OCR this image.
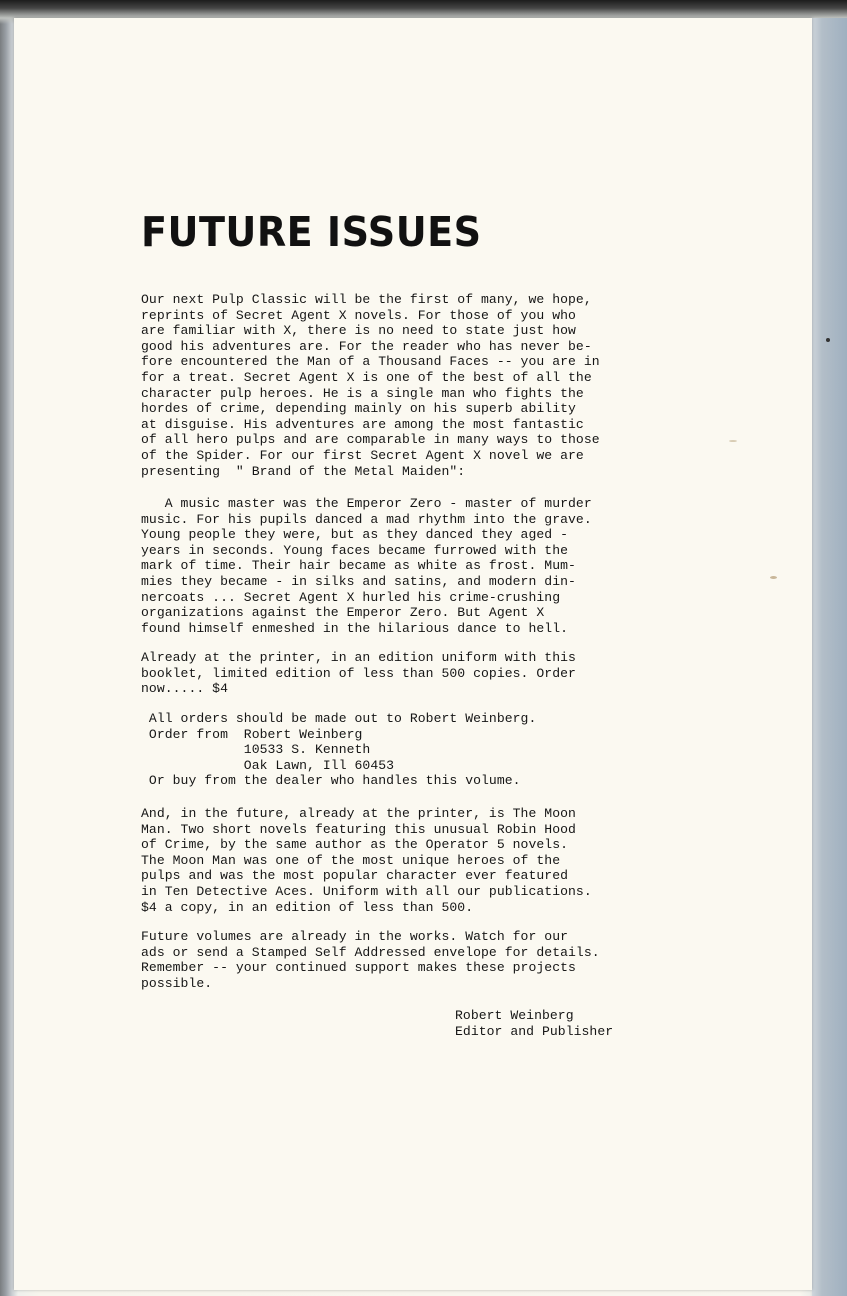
FUTURE ISSUES

Our next Pulp Classic will be the first of many, we hope,
reprints of Secret Agent X novels. For those of you who
are familiar with X, there is no need to state just how
good his adventures are. For the reader who has never be-
fore encountered the Man of a Thousand Faces -- you are in
for a treat. Secret Agent X is one of the best of all the
character pulp heroes. He is a single man who fights the
hordes of crime, depending mainly on his superb ability
at disguise. His adventures are among the most fantastic
of all hero pulps and are comparable in many ways to those
of the Spider. For our first Secret Agent X novel we are
presenting  " Brand of the Metal Maiden":

A music master was the Emperor Zero - master of murder
music. For his pupils danced a mad rhythm into the grave.
Young people they were, but as they danced they aged -
years in seconds. Young faces became furrowed with the
mark of time. Their hair became as white as frost. Mum-
mies they became - in silks and satins, and modern din-
nercoats ... Secret Agent X hurled his crime-crushing
organizations against the Emperor Zero. But Agent X
found himself enmeshed in the hilarious dance to hell.

Already at the printer, in an edition uniform with this
booklet, limited edition of less than 500 copies. Order
now..... $4

All orders should be made out to Robert Weinberg.
Order from  Robert Weinberg
10533 S. Kenneth
Oak Lawn, Ill 60453
Or buy from the dealer who handles this volume.

And, in the future, already at the printer, is The Moon
Man. Two short novels featuring this unusual Robin Hood
of Crime, by the same author as the Operator 5 novels.
The Moon Man was one of the most unique heroes of the
pulps and was the most popular character ever featured
in Ten Detective Aces. Uniform with all our publications.
$4 a copy, in an edition of less than 500.

Future volumes are already in the works. Watch for our
ads or send a Stamped Self Addressed envelope for details.
Remember -- your continued support makes these projects
possible.

Robert Weinberg
Editor and Publisher
